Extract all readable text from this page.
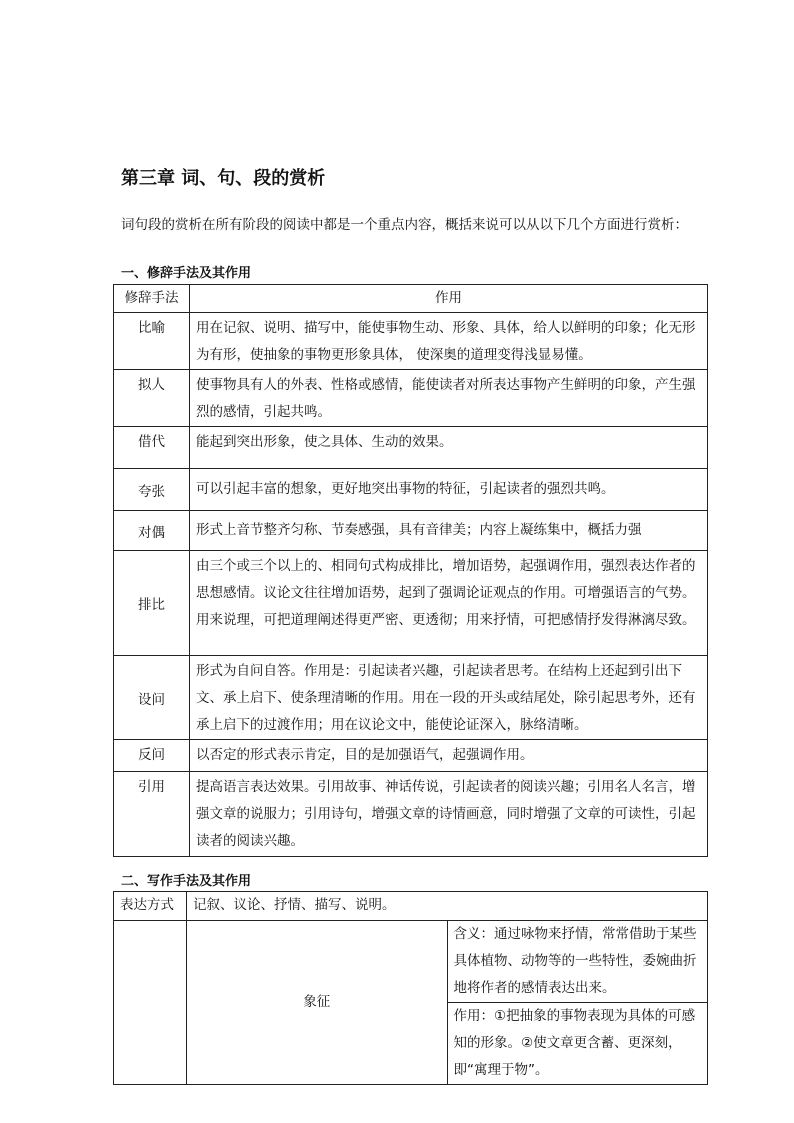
第三章 词、句、段的赏析
词句段的赏析在所有阶段的阅读中都是一个重点内容，概括来说可以从以下几个方面进行赏析：
一、修辞手法及其作用
修辞手法	作用
比喻	用在记叙、说明、描写中，能使事物生动、形象、具体，给人以鲜明的印象；化无形为有形，使抽象的事物更形象具体， 使深奥的道理变得浅显易懂。
拟人	使事物具有人的外表、性格或感情，能使读者对所表达事物产生鲜明的印象，产生强烈的感情，引起共鸣。
借代	能起到突出形象，使之具体、生动的效果。
夸张	可以引起丰富的想象，更好地突出事物的特征，引起读者的强烈共鸣。
对偶	形式上音节整齐匀称、节奏感强，具有音律美；内容上凝练集中，概括力强
排比	由三个或三个以上的、相同句式构成排比，增加语势，起强调作用，强烈表达作者的思想感情。议论文往往增加语势，起到了强调论证观点的作用。可增强语言的气势。用来说理，可把道理阐述得更严密、更透彻；用来抒情，可把感情抒发得淋漓尽致。
设问	形式为自问自答。作用是：引起读者兴趣，引起读者思考。在结构上还起到引出下文、承上启下、使条理清晰的作用。用在一段的开头或结尾处，除引起思考外，还有承上启下的过渡作用；用在议论文中，能使论证深入，脉络清晰。
反问	以否定的形式表示肯定，目的是加强语气，起强调作用。
引用	提高语言表达效果。引用故事、神话传说，引起读者的阅读兴趣；引用名人名言，增强文章的说服力；引用诗句，增强文章的诗情画意，同时增强了文章的可读性，引起读者的阅读兴趣。
二、写作手法及其作用
表达方式	记叙、议论、抒情、描写、说明。	
	象征	含义：通过咏物来抒情，常常借助于某些具体植物、动物等的一些特性，委婉曲折地将作者的感情表达出来。
		作用：①把抽象的事物表现为具体的可感知的形象。②使文章更含蓄、更深刻，即“寓理于物”。
